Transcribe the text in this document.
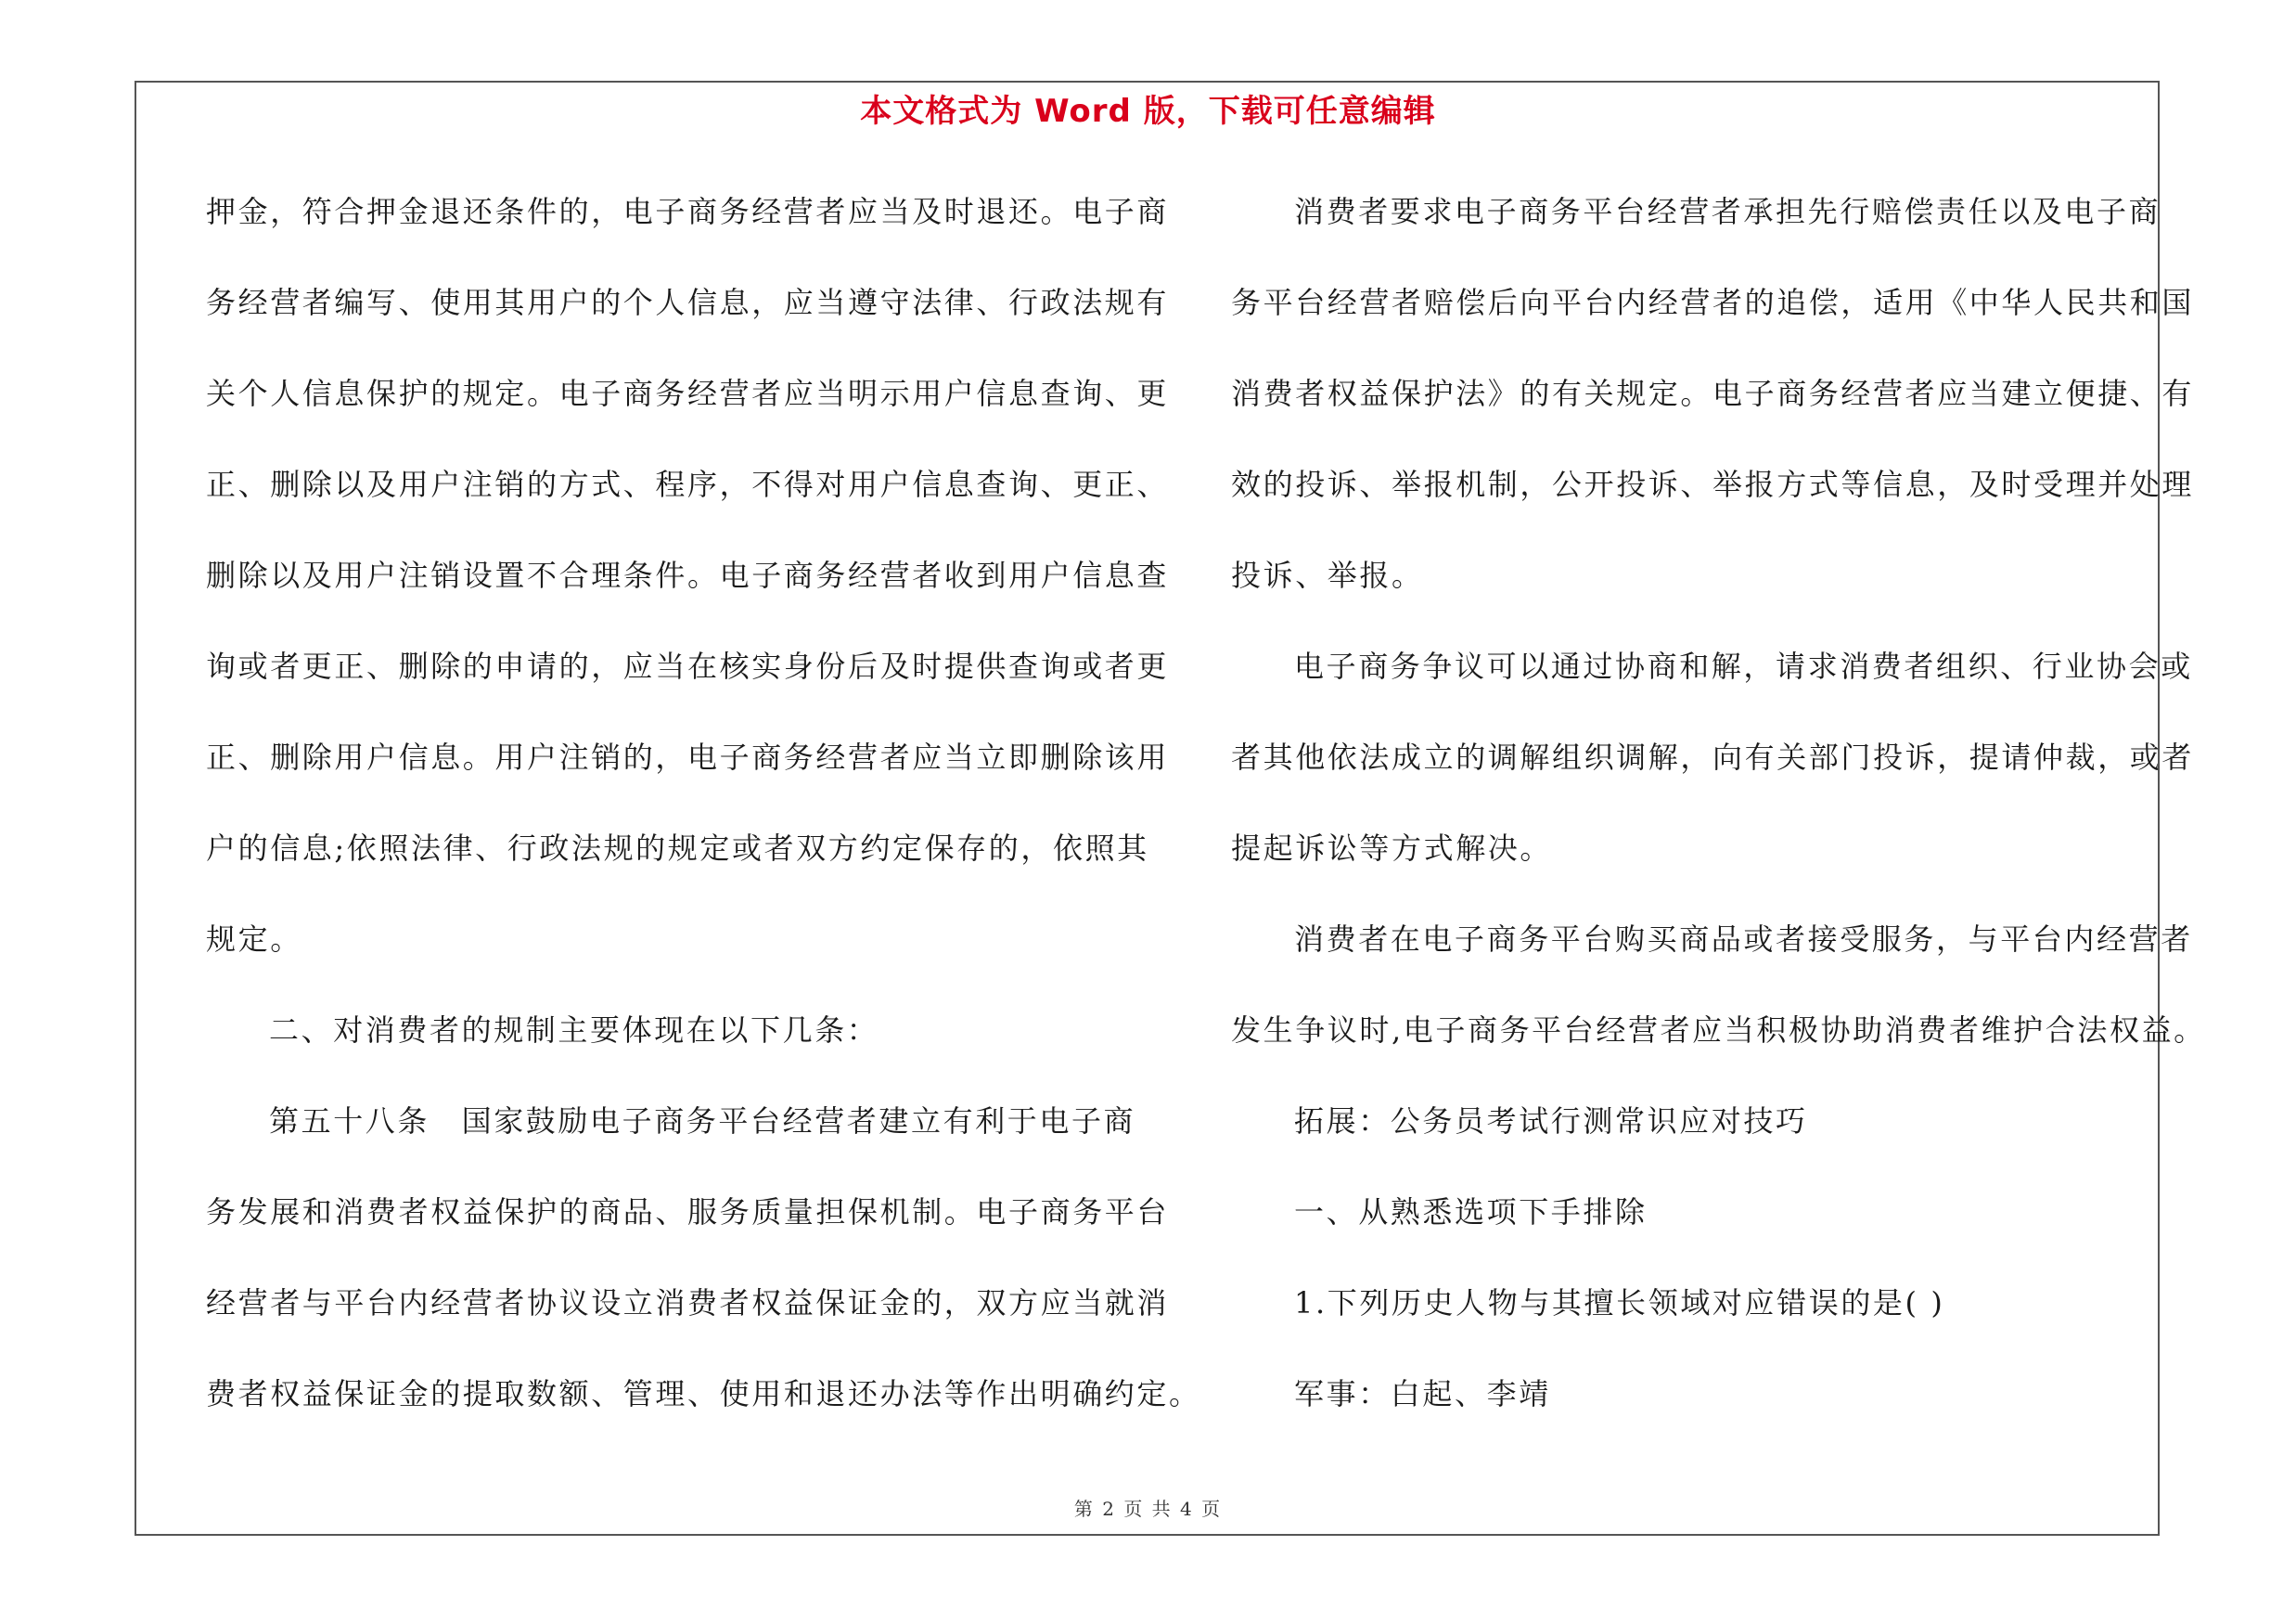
本文格式为 Word 版，下载可任意编辑
押金，符合押金退还条件的，电子商务经营者应当及时退还。电子商
务经营者编写、使用其用户的个人信息，应当遵守法律、行政法规有
关个人信息保护的规定。电子商务经营者应当明示用户信息查询、更
正、删除以及用户注销的方式、程序，不得对用户信息查询、更正、
删除以及用户注销设置不合理条件。电子商务经营者收到用户信息查
询或者更正、删除的申请的，应当在核实身份后及时提供查询或者更
正、删除用户信息。用户注销的，电子商务经营者应当立即删除该用
户的信息;依照法律、行政法规的规定或者双方约定保存的，依照其
规定。
二、对消费者的规制主要体现在以下几条：
第五十八条　国家鼓励电子商务平台经营者建立有利于电子商
务发展和消费者权益保护的商品、服务质量担保机制。电子商务平台
经营者与平台内经营者协议设立消费者权益保证金的，双方应当就消
费者权益保证金的提取数额、管理、使用和退还办法等作出明确约定。
消费者要求电子商务平台经营者承担先行赔偿责任以及电子商
务平台经营者赔偿后向平台内经营者的追偿，适用《中华人民共和国
消费者权益保护法》的有关规定。电子商务经营者应当建立便捷、有
效的投诉、举报机制，公开投诉、举报方式等信息，及时受理并处理
投诉、举报。
电子商务争议可以通过协商和解，请求消费者组织、行业协会或
者其他依法成立的调解组织调解，向有关部门投诉，提请仲裁，或者
提起诉讼等方式解决。
消费者在电子商务平台购买商品或者接受服务，与平台内经营者
发生争议时,电子商务平台经营者应当积极协助消费者维护合法权益。
拓展：公务员考试行测常识应对技巧
一、从熟悉选项下手排除
1.下列历史人物与其擅长领域对应错误的是( )
军事：白起、李靖
第 2 页 共 4 页
